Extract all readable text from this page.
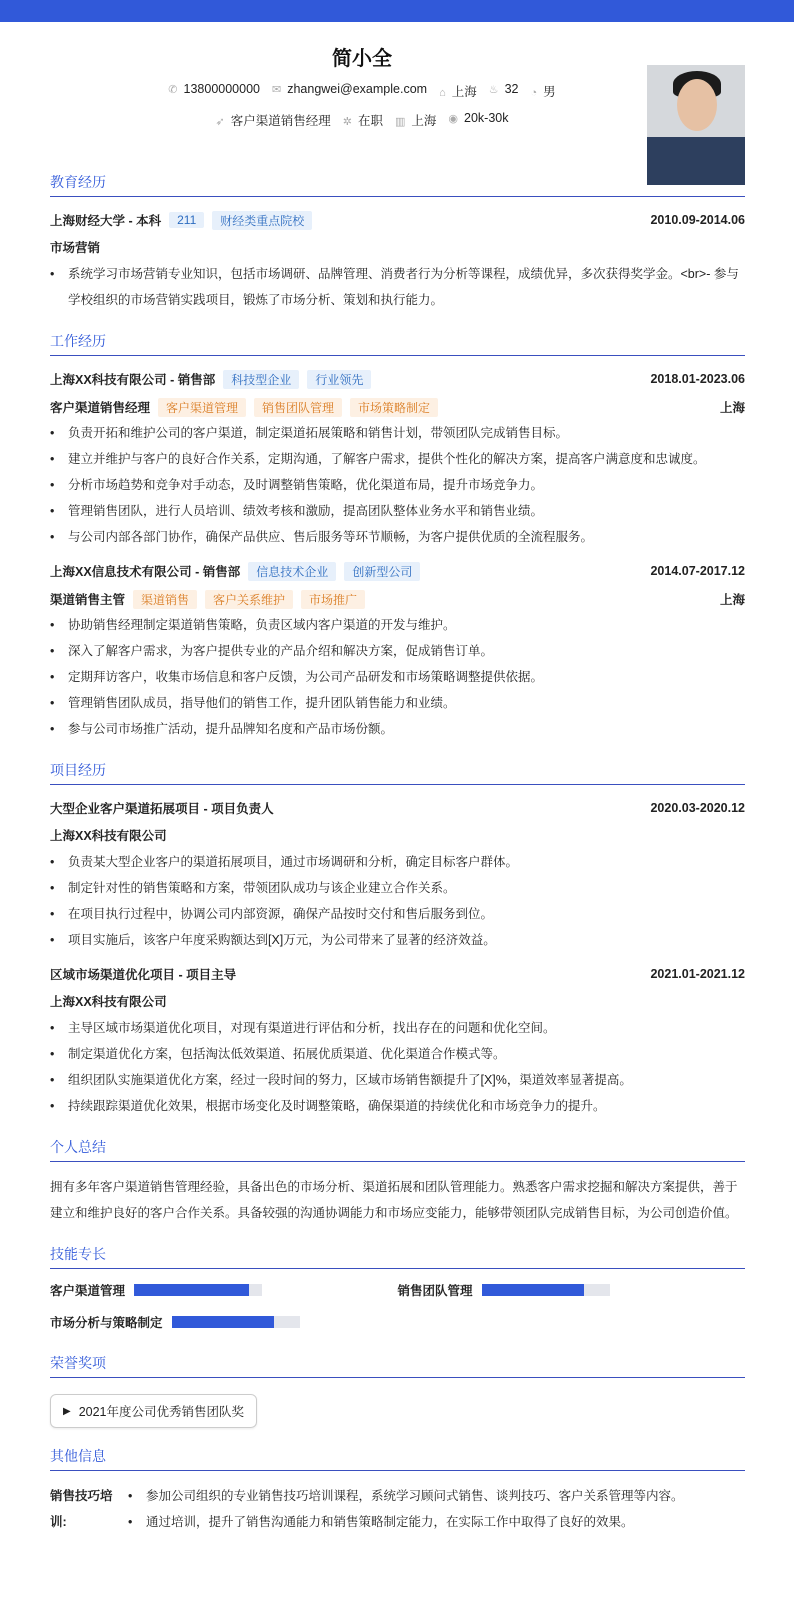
简小全
✆ 13800000000 ✉ zhangwei@example.com ⌂ 上海 ♨ 32 ◔ 男
➶ 客户渠道销售经理 ✲ 在职 ▥ 上海 ◉ 20k-30k
教育经历
上海财经大学 - 本科	211	财经类重点院校	2010.09-2014.06
市场营销
• 系统学习市场营销专业知识，包括市场调研、品牌管理、消费者行为分析等课程，成绩优异，多次获得奖学金。<br>- 参与学校组织的市场营销实践项目，锻炼了市场分析、策划和执行能力。
工作经历
上海XX科技有限公司 - 销售部	科技型企业	行业领先	2018.01-2023.06
客户渠道销售经理	客户渠道管理	销售团队管理	市场策略制定	上海
• 负责开拓和维护公司的客户渠道，制定渠道拓展策略和销售计划，带领团队完成销售目标。
• 建立并维护与客户的良好合作关系，定期沟通，了解客户需求，提供个性化的解决方案，提高客户满意度和忠诚度。
• 分析市场趋势和竞争对手动态，及时调整销售策略，优化渠道布局，提升市场竞争力。
• 管理销售团队，进行人员培训、绩效考核和激励，提高团队整体业务水平和销售业绩。
• 与公司内部各部门协作，确保产品供应、售后服务等环节顺畅，为客户提供优质的全流程服务。
上海XX信息技术有限公司 - 销售部	信息技术企业	创新型公司	2014.07-2017.12
渠道销售主管	渠道销售	客户关系维护	市场推广	上海
• 协助销售经理制定渠道销售策略，负责区域内客户渠道的开发与维护。
• 深入了解客户需求，为客户提供专业的产品介绍和解决方案，促成销售订单。
• 定期拜访客户，收集市场信息和客户反馈，为公司产品研发和市场策略调整提供依据。
• 管理销售团队成员，指导他们的销售工作，提升团队销售能力和业绩。
• 参与公司市场推广活动，提升品牌知名度和产品市场份额。
项目经历
大型企业客户渠道拓展项目 - 项目负责人	2020.03-2020.12
上海XX科技有限公司
• 负责某大型企业客户的渠道拓展项目，通过市场调研和分析，确定目标客户群体。
• 制定针对性的销售策略和方案，带领团队成功与该企业建立合作关系。
• 在项目执行过程中，协调公司内部资源，确保产品按时交付和售后服务到位。
• 项目实施后，该客户年度采购额达到[X]万元，为公司带来了显著的经济效益。
区域市场渠道优化项目 - 项目主导	2021.01-2021.12
上海XX科技有限公司
• 主导区域市场渠道优化项目，对现有渠道进行评估和分析，找出存在的问题和优化空间。
• 制定渠道优化方案，包括淘汰低效渠道、拓展优质渠道、优化渠道合作模式等。
• 组织团队实施渠道优化方案，经过一段时间的努力，区域市场销售额提升了[X]%，渠道效率显著提高。
• 持续跟踪渠道优化效果，根据市场变化及时调整策略，确保渠道的持续优化和市场竞争力的提升。
个人总结

拥有多年客户渠道销售管理经验，具备出色的市场分析、渠道拓展和团队管理能力。熟悉客户需求挖掘和解决方案提供，善于建立和维护良好的客户合作关系。具备较强的沟通协调能力和市场应变能力，能够带领团队完成销售目标，为公司创造价值。

技能专长
客户渠道管理	销售团队管理
市场分析与策略制定
荣誉奖项
▶ 2021年度公司优秀销售团队奖
其他信息
销售技巧培训:
• 参加公司组织的专业销售技巧培训课程，系统学习顾问式销售、谈判技巧、客户关系管理等内容。
• 通过培训，提升了销售沟通能力和销售策略制定能力，在实际工作中取得了良好的效果。
